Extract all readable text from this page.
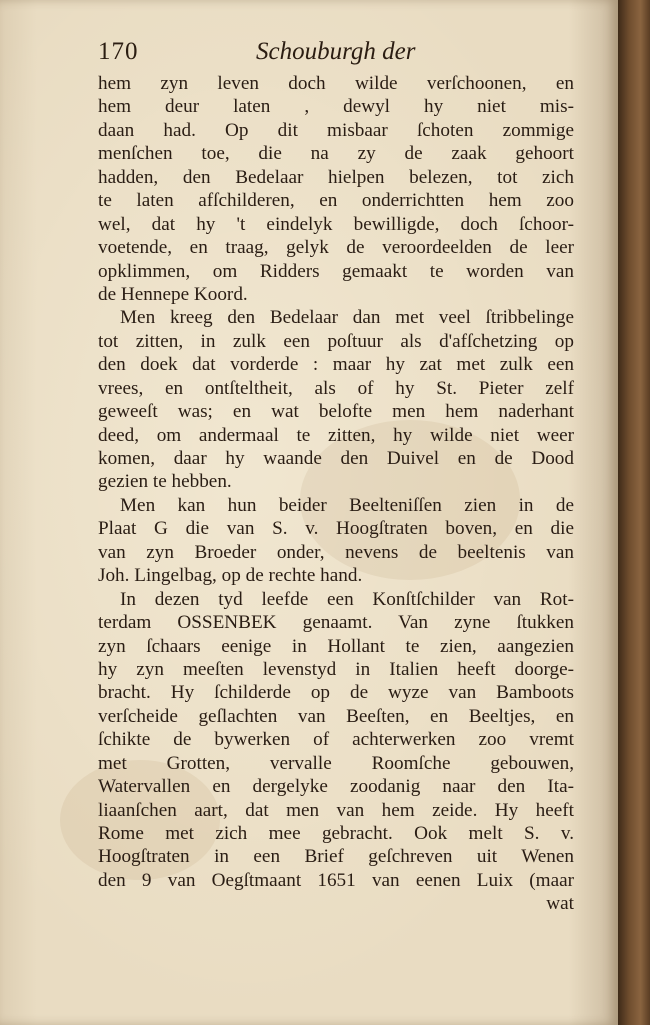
170	Schouburgh der
hem zyn leven doch wilde verſchoonen, en
hem deur laten , dewyl hy niet mis-
daan had. Op dit misbaar ſchoten zommige
menſchen toe, die na zy de zaak gehoort
hadden, den Bedelaar hielpen belezen, tot zich
te laten afſchilderen, en onderrichtten hem zoo
wel, dat hy 't eindelyk bewilligde, doch ſchoor-
voetende, en traag, gelyk de veroordeelden de leer
opklimmen, om Ridders gemaakt te worden van
de Hennepe Koord.
Men kreeg den Bedelaar dan met veel ſtribbelinge
tot zitten, in zulk een poſtuur als d'afſchetzing op
den doek dat vorderde : maar hy zat met zulk een
vrees, en ontſteltheit, als of hy St. Pieter zelf
geweeſt was; en wat belofte men hem naderhant
deed, om andermaal te zitten, hy wilde niet weer
komen, daar hy waande den Duivel en de Dood
gezien te hebben.
Men kan hun beider Beelteniſſen zien in de
Plaat G die van S. v. Hoogſtraten boven, en die
van zyn Broeder onder, nevens de beeltenis van
Joh. Lingelbag, op de rechte hand.
In dezen tyd leefde een Konſtſchilder van Rot-
terdam OSSENBEK genaamt. Van zyne ſtukken
zyn ſchaars eenige in Hollant te zien, aangezien
hy zyn meeſten levenstyd in Italien heeft doorge-
bracht. Hy ſchilderde op de wyze van Bamboots
verſcheide geſlachten van Beeſten, en Beeltjes, en
ſchikte de bywerken of achterwerken zoo vremt
met Grotten, vervalle Roomſche gebouwen,
Watervallen en dergelyke zoodanig naar den Ita-
liaanſchen aart, dat men van hem zeide. Hy heeft
Rome met zich mee gebracht. Ook melt S. v.
Hoogſtraten in een Brief geſchreven uit Wenen
den 9 van Oegſtmaant 1651 van eenen Luix (maar
wat
